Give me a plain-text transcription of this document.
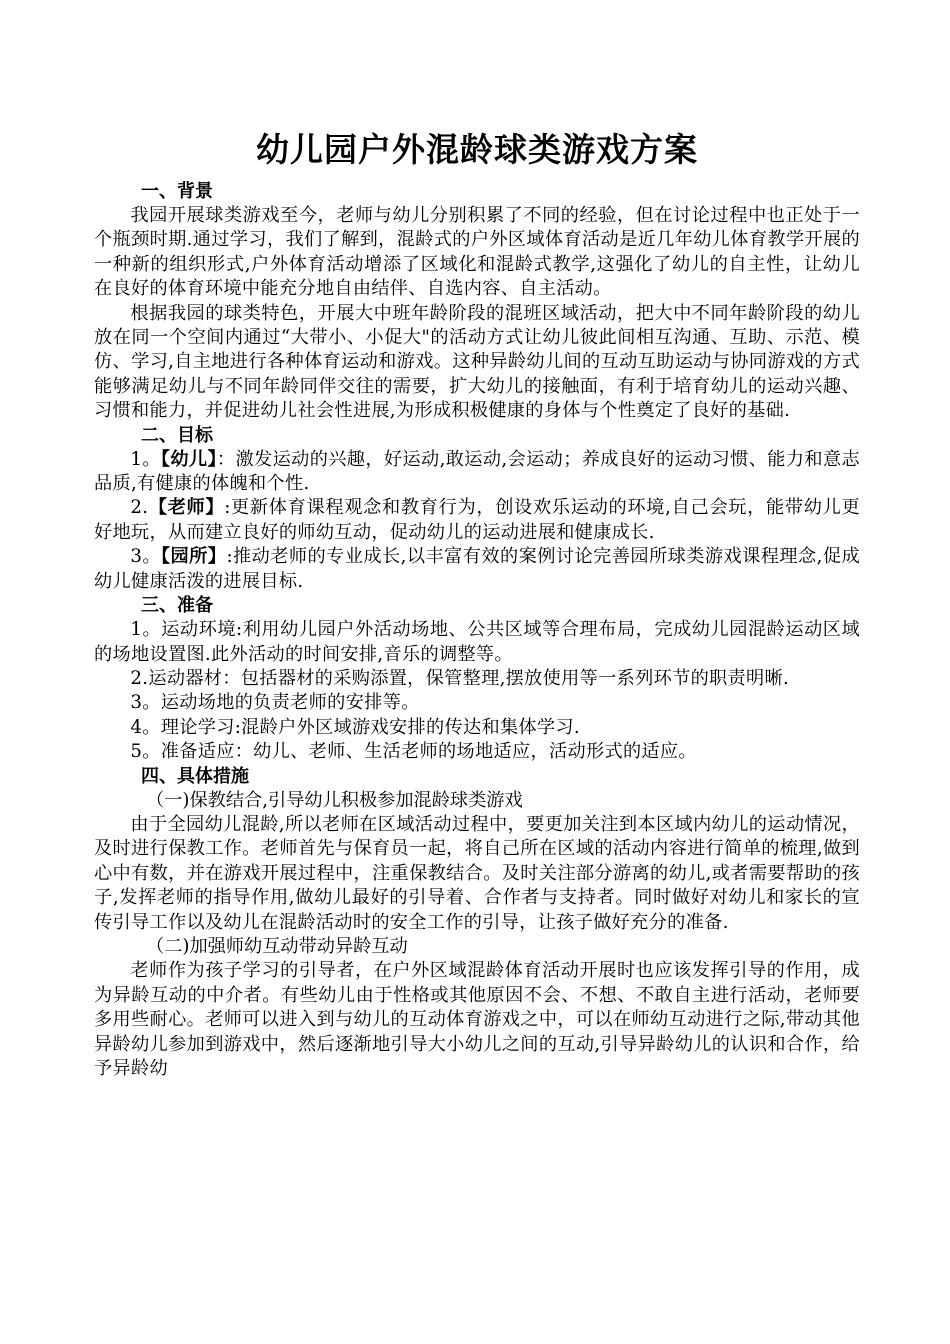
幼儿园户外混龄球类游戏方案
一、背景

我园开展球类游戏至今，老师与幼儿分别积累了不同的经验，但在讨论过程中也正处于一个瓶颈时期.通过学习，我们了解到，混龄式的户外区域体育活动是近几年幼儿体育教学开展的一种新的组织形式,户外体育活动增添了区域化和混龄式教学,这强化了幼儿的自主性，让幼儿在良好的体育环境中能充分地自由结伴、自选内容、自主活动。

根据我园的球类特色，开展大中班年龄阶段的混班区域活动，把大中不同年龄阶段的幼儿放在同一个空间内通过“大带小、小促大"的活动方式让幼儿彼此间相互沟通、互助、示范、模仿、学习,自主地进行各种体育运动和游戏。这种异龄幼儿间的互动互助运动与协同游戏的方式能够满足幼儿与不同年龄同伴交往的需要，扩大幼儿的接触面，有利于培育幼儿的运动兴趣、习惯和能力，并促进幼儿社会性进展,为形成积极健康的身体与个性奠定了良好的基础.

二、目标

1。【幼儿】：激发运动的兴趣，好运动,敢运动,会运动；养成良好的运动习惯、能力和意志品质,有健康的体魄和个性.

2.【老师】:更新体育课程观念和教育行为，创设欢乐运动的环境,自己会玩，能带幼儿更好地玩，从而建立良好的师幼互动，促动幼儿的运动进展和健康成长.

3。【园所】:推动老师的专业成长,以丰富有效的案例讨论完善园所球类游戏课程理念,促成幼儿健康活泼的进展目标.

三、准备

1。运动环境:利用幼儿园户外活动场地、公共区域等合理布局，完成幼儿园混龄运动区域的场地设置图.此外活动的时间安排,音乐的调整等。

2.运动器材：包括器材的采购添置，保管整理,摆放使用等一系列环节的职责明晰.

3。运动场地的负责老师的安排等。

4。理论学习:混龄户外区域游戏安排的传达和集体学习.

5。准备适应：幼儿、老师、生活老师的场地适应，活动形式的适应。

四、具体措施

（一)保教结合,引导幼儿积极参加混龄球类游戏

由于全园幼儿混龄,所以老师在区域活动过程中，要更加关注到本区域内幼儿的运动情况，及时进行保教工作。老师首先与保育员一起，将自己所在区域的活动内容进行简单的梳理,做到心中有数，并在游戏开展过程中，注重保教结合。及时关注部分游离的幼儿,或者需要帮助的孩子,发挥老师的指导作用,做幼儿最好的引导着、合作者与支持者。同时做好对幼儿和家长的宣传引导工作以及幼儿在混龄活动时的安全工作的引导，让孩子做好充分的准备.

（二)加强师幼互动带动异龄互动

老师作为孩子学习的引导者，在户外区域混龄体育活动开展时也应该发挥引导的作用，成为异龄互动的中介者。有些幼儿由于性格或其他原因不会、不想、不敢自主进行活动，老师要多用些耐心。老师可以进入到与幼儿的互动体育游戏之中，可以在师幼互动进行之际,带动其他异龄幼儿参加到游戏中，然后逐渐地引导大小幼儿之间的互动,引导异龄幼儿的认识和合作，给予异龄幼
